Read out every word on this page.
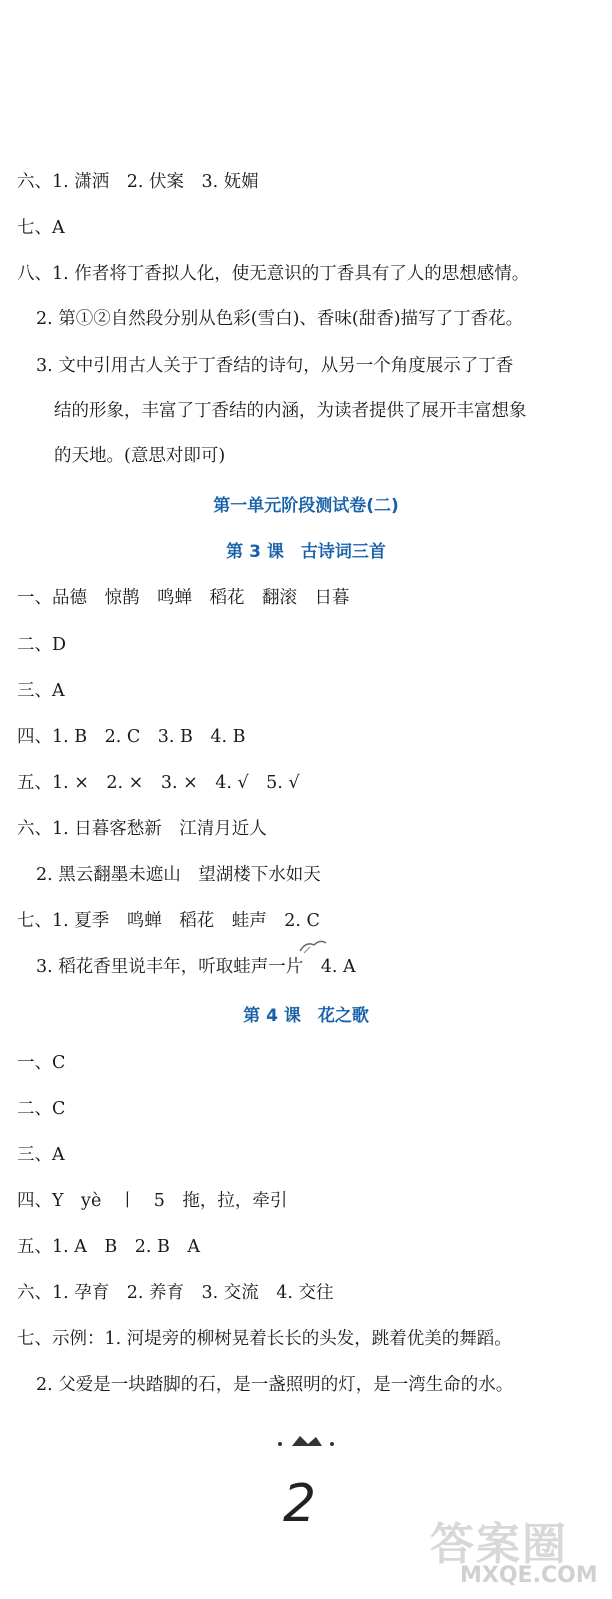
六、1. 潇洒　2. 伏案　3. 妩媚
七、A
八、1. 作者将丁香拟人化，使无意识的丁香具有了人的思想感情。
2. 第①②自然段分别从色彩(雪白)、香味(甜香)描写了丁香花。
3. 文中引用古人关于丁香结的诗句，从另一个角度展示了丁香
结的形象，丰富了丁香结的内涵，为读者提供了展开丰富想象
的天地。(意思对即可)
第一单元阶段测试卷(二)
第 3 课　古诗词三首
一、品德　惊鹊　鸣蝉　稻花　翻滚　日暮
二、D
三、A
四、1. B　2. C　3. B　4. B
五、1. ×　2. ×　3. ×　4. √　5. √
六、1. 日暮客愁新　江清月近人
2. 黑云翻墨未遮山　望湖楼下水如天
七、1. 夏季　鸣蝉　稻花　蛙声　2. C
3. 稻花香里说丰年，听取蛙声一片　4. A
第 4 课　花之歌
一、C
二、C
三、A
四、Y　yè　丨　5　拖，拉，牵引
五、1. A　B　2. B　A
六、1. 孕育　2. 养育　3. 交流　4. 交往
七、示例：1. 河堤旁的柳树晃着长长的头发，跳着优美的舞蹈。
2. 父爱是一块踏脚的石，是一盏照明的灯，是一湾生命的水。
2
答案圈
MXQE.COM
